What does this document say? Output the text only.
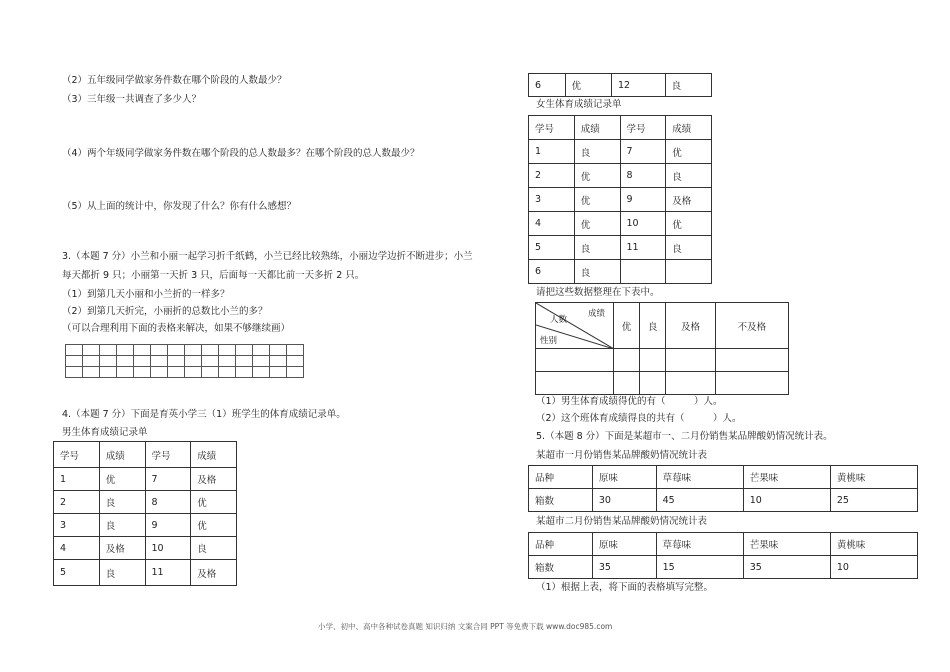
（2）五年级同学做家务件数在哪个阶段的人数最少？
（3）三年级一共调查了多少人？
（4）两个年级同学做家务件数在哪个阶段的总人数最多？在哪个阶段的总人数最少？
（5）从上面的统计中，你发现了什么？你有什么感想？
3.（本题 7 分）小兰和小丽一起学习折千纸鹤，小兰已经比较熟练，小丽边学边折不断进步；小兰
每天都折 9 只；小丽第一天折 3 只，后面每一天都比前一天多折 2 只。
（1）到第几天小丽和小兰折的一样多？
（2）到第几天折完，小丽折的总数比小兰的多？
（可以合理利用下面的表格来解决，如果不够继续画）

4.（本题 7 分）下面是育英小学三（1）班学生的体育成绩记录单。
男生体育成绩记录单
学号	成绩	学号	成绩
1	优	7	及格
2	良	8	优
3	良	9	优
4	及格	10	良
5	良	11	及格
6	优	12	良
女生体育成绩记录单
学号	成绩	学号	成绩
1	良	7	优
2	优	8	良
3	优	9	及格
4	优	10	优
5	良	11	良
6	良		
请把这些数据整理在下表中。
成绩
人数
性别	优	良	及格	不及格

（1）男生体育成绩得优的有（　　　）人。
（2）这个班体育成绩得良的共有（　　　）人。
5.（本题 8 分）下面是某超市一、二月份销售某品牌酸奶情况统计表。
某超市一月份销售某品牌酸奶情况统计表
品种	原味	草莓味	芒果味	黄桃味
箱数	30	45	10	25
某超市二月份销售某品牌酸奶情况统计表
品种	原味	草莓味	芒果味	黄桃味
箱数	35	15	35	10
（1）根据上表，将下面的表格填写完整。
小学、初中、高中各种试卷真题 知识归纳 文案合同 PPT 等免费下载 www.doc985.com
